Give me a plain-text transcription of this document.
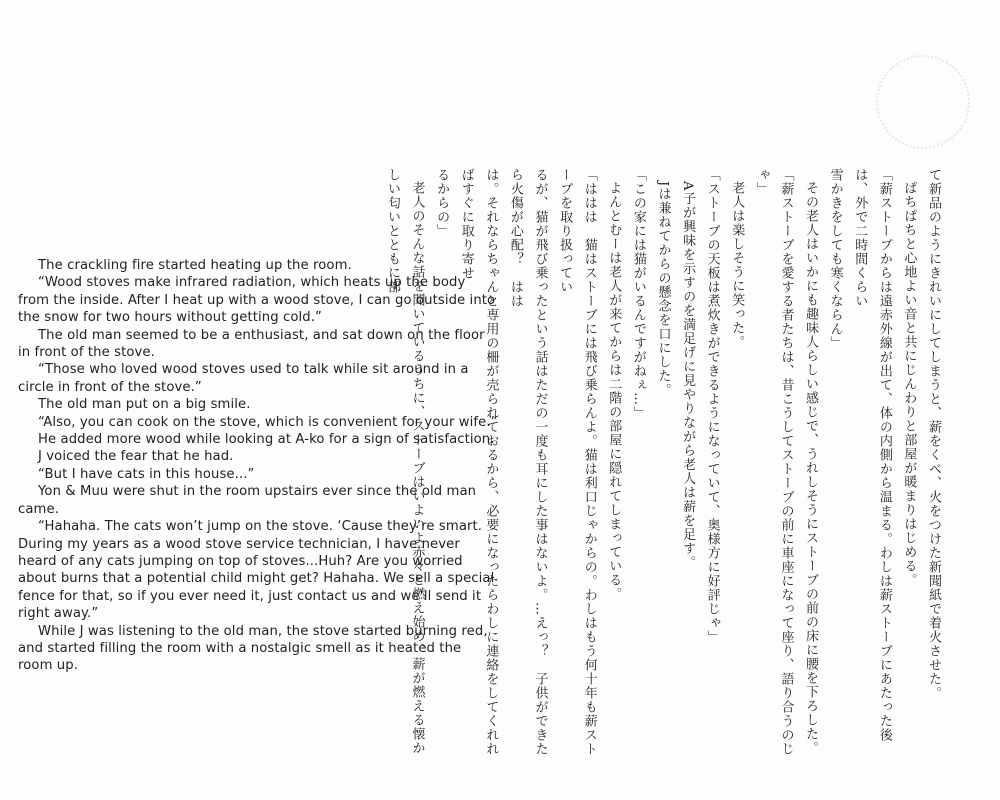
The crackling fire started heating up the room.

“Wood stoves make infrared radiation, which heats up the body from the inside. After I heat up with a wood stove, I can go outside into the snow for two hours without getting cold.”

The old man seemed to be a enthusiast, and sat down on the floor in front of the stove.

“Those who loved wood stoves used to talk while sit around in a circle in front of the stove.”

The old man put on a big smile.

“Also, you can cook on the stove, which is convenient for your wife.”

He added more wood while looking at A-ko for a sign of satisfaction.

J voiced the fear that he had.

“But I have cats in this house...”

Yon & Muu were shut in the room upstairs ever since the old man came.

“Hahaha. The cats won’t jump on the stove. ‘Cause they’re smart. During my years as a wood stove service technician, I have never heard of any cats jumping on top of stoves...Huh? Are you worried about burns that a potential child might get? Hahaha. We sell a special fence for that, so if you ever need it, just contact us and we’ll send it right away.”

While J was listening to the old man, the stove started burning red, and started filling the room with a nostalgic smell as it heated the room up.	て新品のようにきれいにしてしまうと、薪をくべ、火をつけた新聞紙で着火させた。

ぱちぱちと心地よい音と共にじんわりと部屋が暖まりはじめる。

「薪ストーブからは遠赤外線が出て、体の内側から温まる。わしは薪ストーブにあたった後は、外で二時間くらい

雪かきをしても寒くならん」

その老人はいかにも趣味人らしい感じで、うれしそうにストーブの前の床に腰を下ろした。

「薪ストーブを愛する者たちは、昔こうしてストーブの前に車座になって座り、語り合うのじゃ」

老人は楽しそうに笑った。

「ストーブの天板は煮炊きができるようになっていて、奥様方に好評じゃ」

A子が興味を示すのを満足げに見やりながら老人は薪を足す。

Jは兼ねてからの懸念を口にした。

「この家には猫がいるんですがねぇ…」

よんとむーは老人が来てからは二階の部屋に隠れてしまっている。

「ははは　猫はストーブには飛び乗らんよ。猫は利口じゃからの。わしはもう何十年も薪ストーブを取り扱ってい

るが、猫が飛び乗ったという話はただの一度も耳にした事はないよ。…えっ？　子供ができたら火傷が心配？　はは

は。それならちゃんと専用の柵が売られておるから、必要になったらわしに連絡をしてくれればすぐに取り寄せ

るからの」

老人のそんな話を聞いているうちに、ストーブはいよいよ赤々と燃え始め、薪が燃える懐かしい匂いとともに部
